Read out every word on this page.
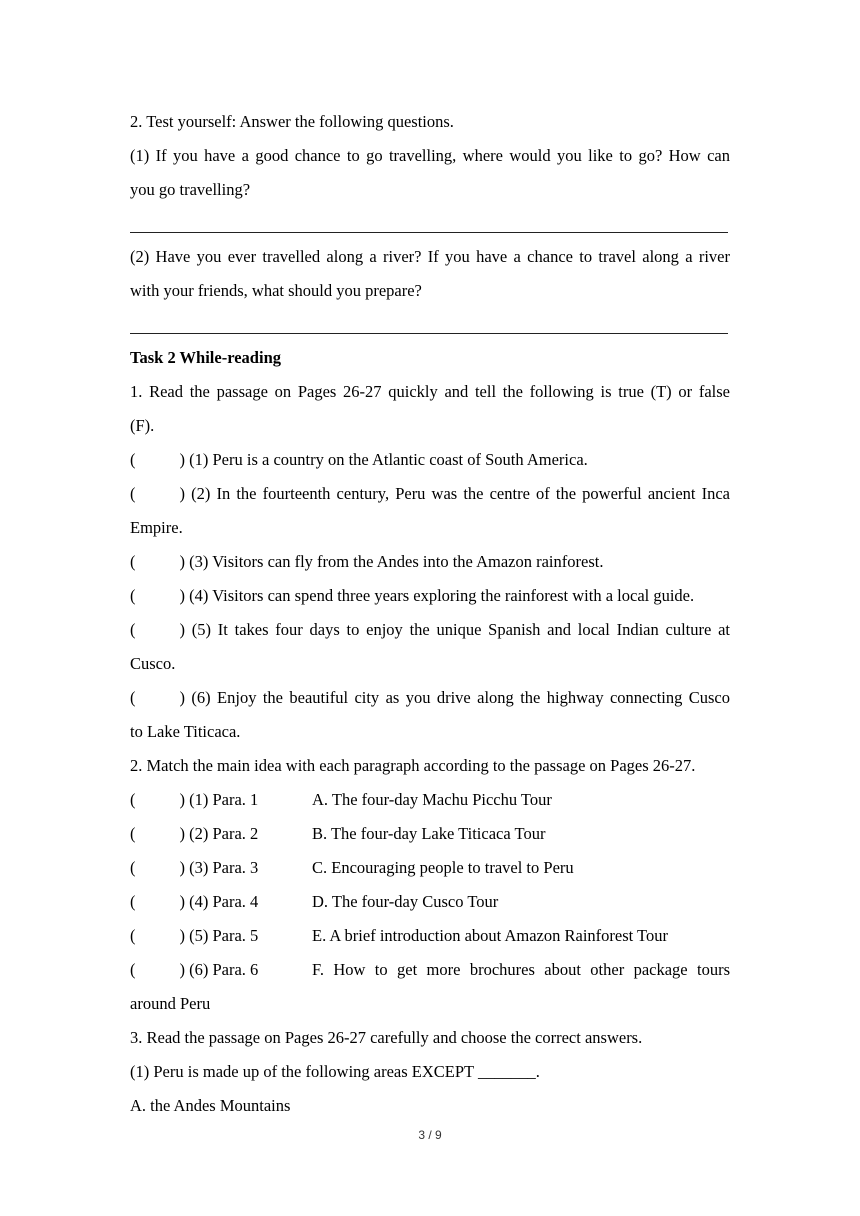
2. Test yourself: Answer the following questions.
(1) If you have a good chance to go travelling, where would you like to go? How can
you go travelling?
(2) Have you ever travelled along a river? If you have a chance to travel along a river
with your friends, what should you prepare?
Task 2 While-reading
1. Read the passage on Pages 26-27 quickly and tell the following is true (T) or false
(F).
(	) (1) Peru is a country on the Atlantic coast of South America.
(	) (2) In the fourteenth century, Peru was the centre of the powerful ancient Inca
Empire.
(	) (3) Visitors can fly from the Andes into the Amazon rainforest.
(	) (4) Visitors can spend three years exploring the rainforest with a local guide.
(	) (5) It takes four days to enjoy the unique Spanish and local Indian culture at
Cusco.
(	) (6) Enjoy the beautiful city as you drive along the highway connecting Cusco
to Lake Titicaca.
2. Match the main idea with each paragraph according to the passage on Pages 26-27.
(	) (1) Para. 1	A. The four-day Machu Picchu Tour
(	) (2) Para. 2	B. The four-day Lake Titicaca Tour
(	) (3) Para. 3	C. Encouraging people to travel to Peru
(	) (4) Para. 4	D. The four-day Cusco Tour
(	) (5) Para. 5	E. A brief introduction about Amazon Rainforest Tour
(	) (6) Para. 6	F. How to get more brochures about other package tours
around Peru
3. Read the passage on Pages 26-27 carefully and choose the correct answers.
(1) Peru is made up of the following areas EXCEPT _______.
A. the Andes Mountains
3 / 9
